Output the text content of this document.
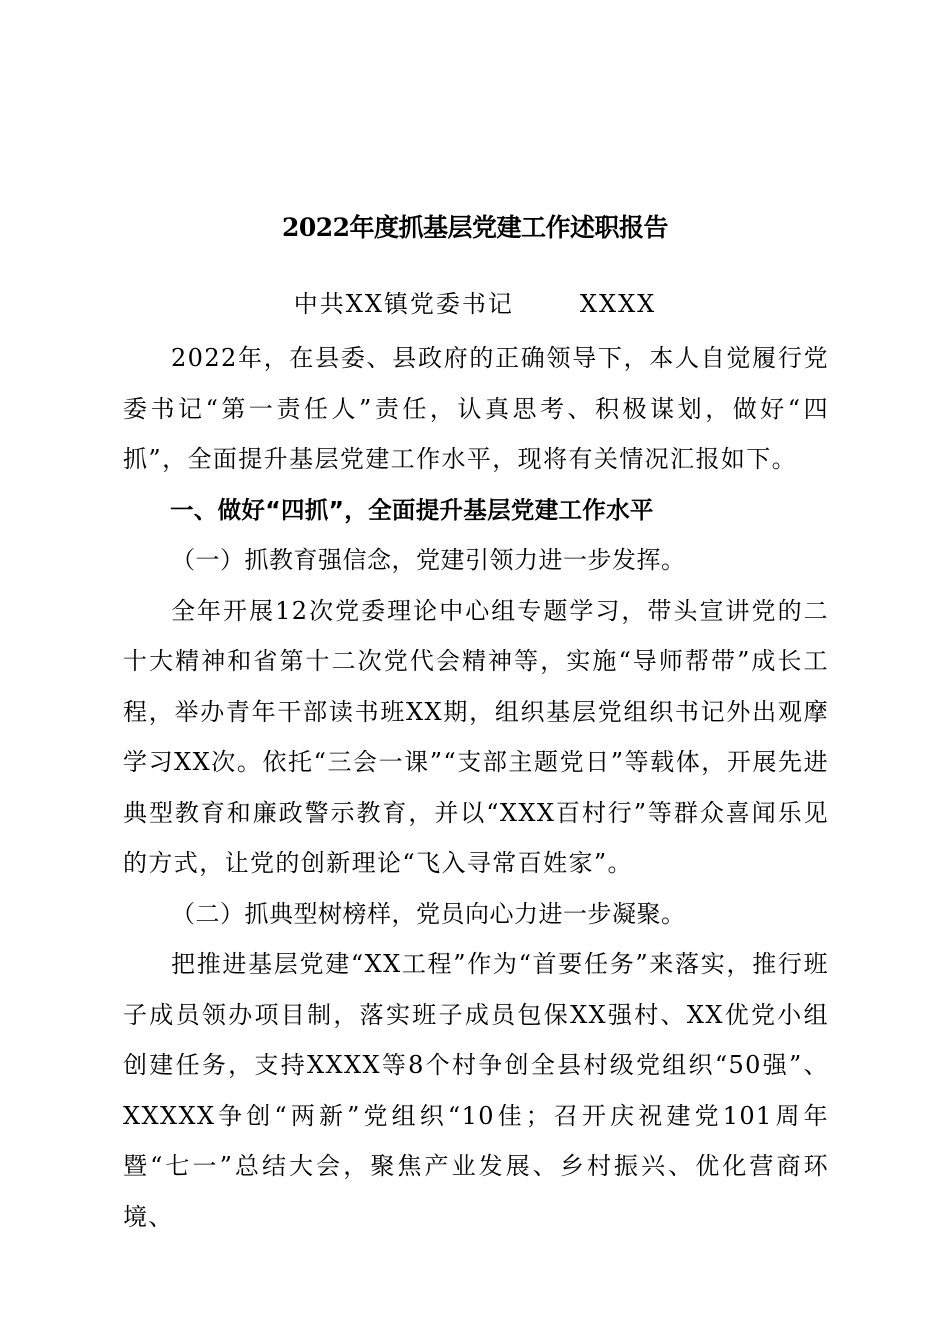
2022年度抓基层党建工作述职报告

中共XX镇党委书记	XXXX

2022年，在县委、县政府的正确领导下，本人自觉履行党委书记“第一责任人”责任，认真思考、积极谋划，做好“四抓”，全面提升基层党建工作水平，现将有关情况汇报如下。

一、做好“四抓”，全面提升基层党建工作水平

（一）抓教育强信念，党建引领力进一步发挥。

全年开展12次党委理论中心组专题学习，带头宣讲党的二十大精神和省第十二次党代会精神等，实施“导师帮带”成长工程，举办青年干部读书班XX期，组织基层党组织书记外出观摩学习XX次。依托“三会一课”“支部主题党日”等载体，开展先进典型教育和廉政警示教育，并以“XXX百村行”等群众喜闻乐见的方式，让党的创新理论“飞入寻常百姓家”。

（二）抓典型树榜样，党员向心力进一步凝聚。

把推进基层党建“XX工程”作为“首要任务”来落实，推行班子成员领办项目制，落实班子成员包保XX强村、XX优党小组创建任务，支持XXXX等8个村争创全县村级党组织“50强”、XXXXX争创“两新”党组织“10佳；召开庆祝建党101周年暨“七一”总结大会，聚焦产业发展、乡村振兴、优化营商环境、
